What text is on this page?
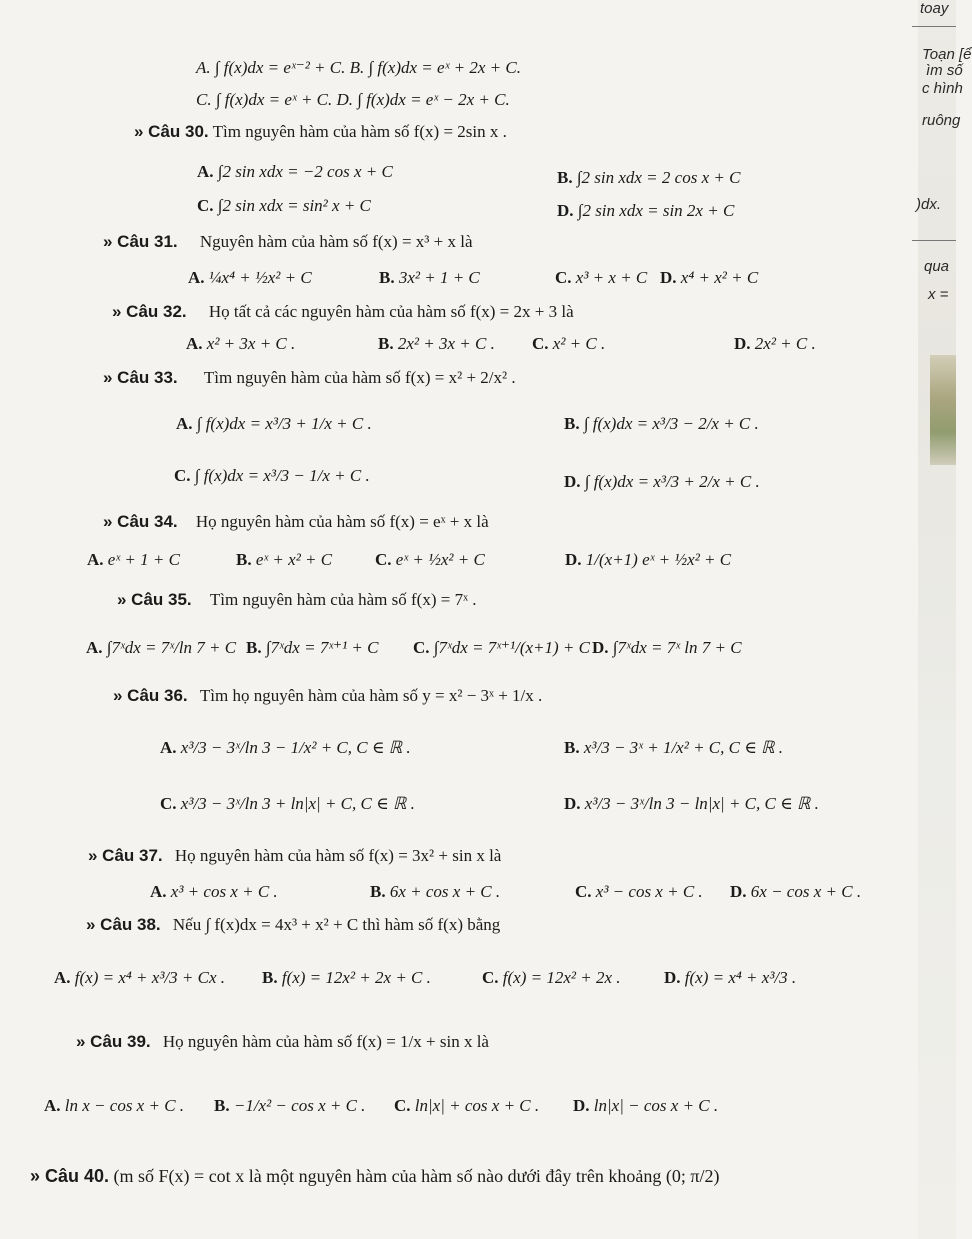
toay
Toạn [ể
ìm số
c hình
ruông
)dx.
qua
x =
A. ∫ f(x)dx = eˣ⁻² + C. B. ∫ f(x)dx = eˣ + 2x + C.
C. ∫ f(x)dx = eˣ + C. D. ∫ f(x)dx = eˣ − 2x + C.
» Câu 30. Tìm nguyên hàm của hàm số f(x) = 2sin x .
A. ∫2 sin xdx = −2 cos x + C	B. ∫2 sin xdx = 2 cos x + C
C. ∫2 sin xdx = sin² x + C	D. ∫2 sin xdx = sin 2x + C
» Câu 31. Nguyên hàm của hàm số f(x) = x³ + x là
A. ¼x⁴ + ½x² + C	B. 3x² + 1 + C	C. x³ + x + C D. x⁴ + x² + C
» Câu 32. Họ tất cả các nguyên hàm của hàm số f(x) = 2x + 3 là
A. x² + 3x + C .	B. 2x² + 3x + C . C. x² + C .	D. 2x² + C .
» Câu 33. Tìm nguyên hàm của hàm số f(x) = x² + 2/x² .
A. ∫ f(x)dx = x³/3 + 1/x + C .	B. ∫ f(x)dx = x³/3 − 2/x + C .
C. ∫ f(x)dx = x³/3 − 1/x + C .	D. ∫ f(x)dx = x³/3 + 2/x + C .
» Câu 34. Họ nguyên hàm của hàm số f(x) = eˣ + x là
A. eˣ + 1 + C	B. eˣ + x² + C	C. eˣ + ½x² + C	D. 1/(x+1) eˣ + ½x² + C
» Câu 35. Tìm nguyên hàm của hàm số f(x) = 7ˣ .
A. ∫7ˣdx = 7ˣ/ln 7 + C B. ∫7ˣdx = 7ˣ⁺¹ + C C. ∫7ˣdx = 7ˣ⁺¹/(x+1) + C D. ∫7ˣdx = 7ˣ ln 7 + C
» Câu 36. Tìm họ nguyên hàm của hàm số y = x² − 3ˣ + 1/x .
A. x³/3 − 3ˣ/ln 3 − 1/x² + C, C ∈ ℝ .	B. x³/3 − 3ˣ + 1/x² + C, C ∈ ℝ .
C. x³/3 − 3ˣ/ln 3 + ln|x| + C, C ∈ ℝ .	D. x³/3 − 3ˣ/ln 3 − ln|x| + C, C ∈ ℝ .
» Câu 37. Họ nguyên hàm của hàm số f(x) = 3x² + sin x là
A. x³ + cos x + C .	B. 6x + cos x + C .	C. x³ − cos x + C . D. 6x − cos x + C .
» Câu 38. Nếu ∫ f(x)dx = 4x³ + x² + C thì hàm số f(x) bằng
A. f(x) = x⁴ + x³/3 + Cx . B. f(x) = 12x² + 2x + C .	C. f(x) = 12x² + 2x .	D. f(x) = x⁴ + x³/3 .
» Câu 39. Họ nguyên hàm của hàm số f(x) = 1/x + sin x là
A. ln x − cos x + C . B. −1/x² − cos x + C . C. ln|x| + cos x + C . D. ln|x| − cos x + C .
» Câu 40. (m số F(x) = cot x là một nguyên hàm của hàm số nào dưới đây trên khoảng (0; π/2)
